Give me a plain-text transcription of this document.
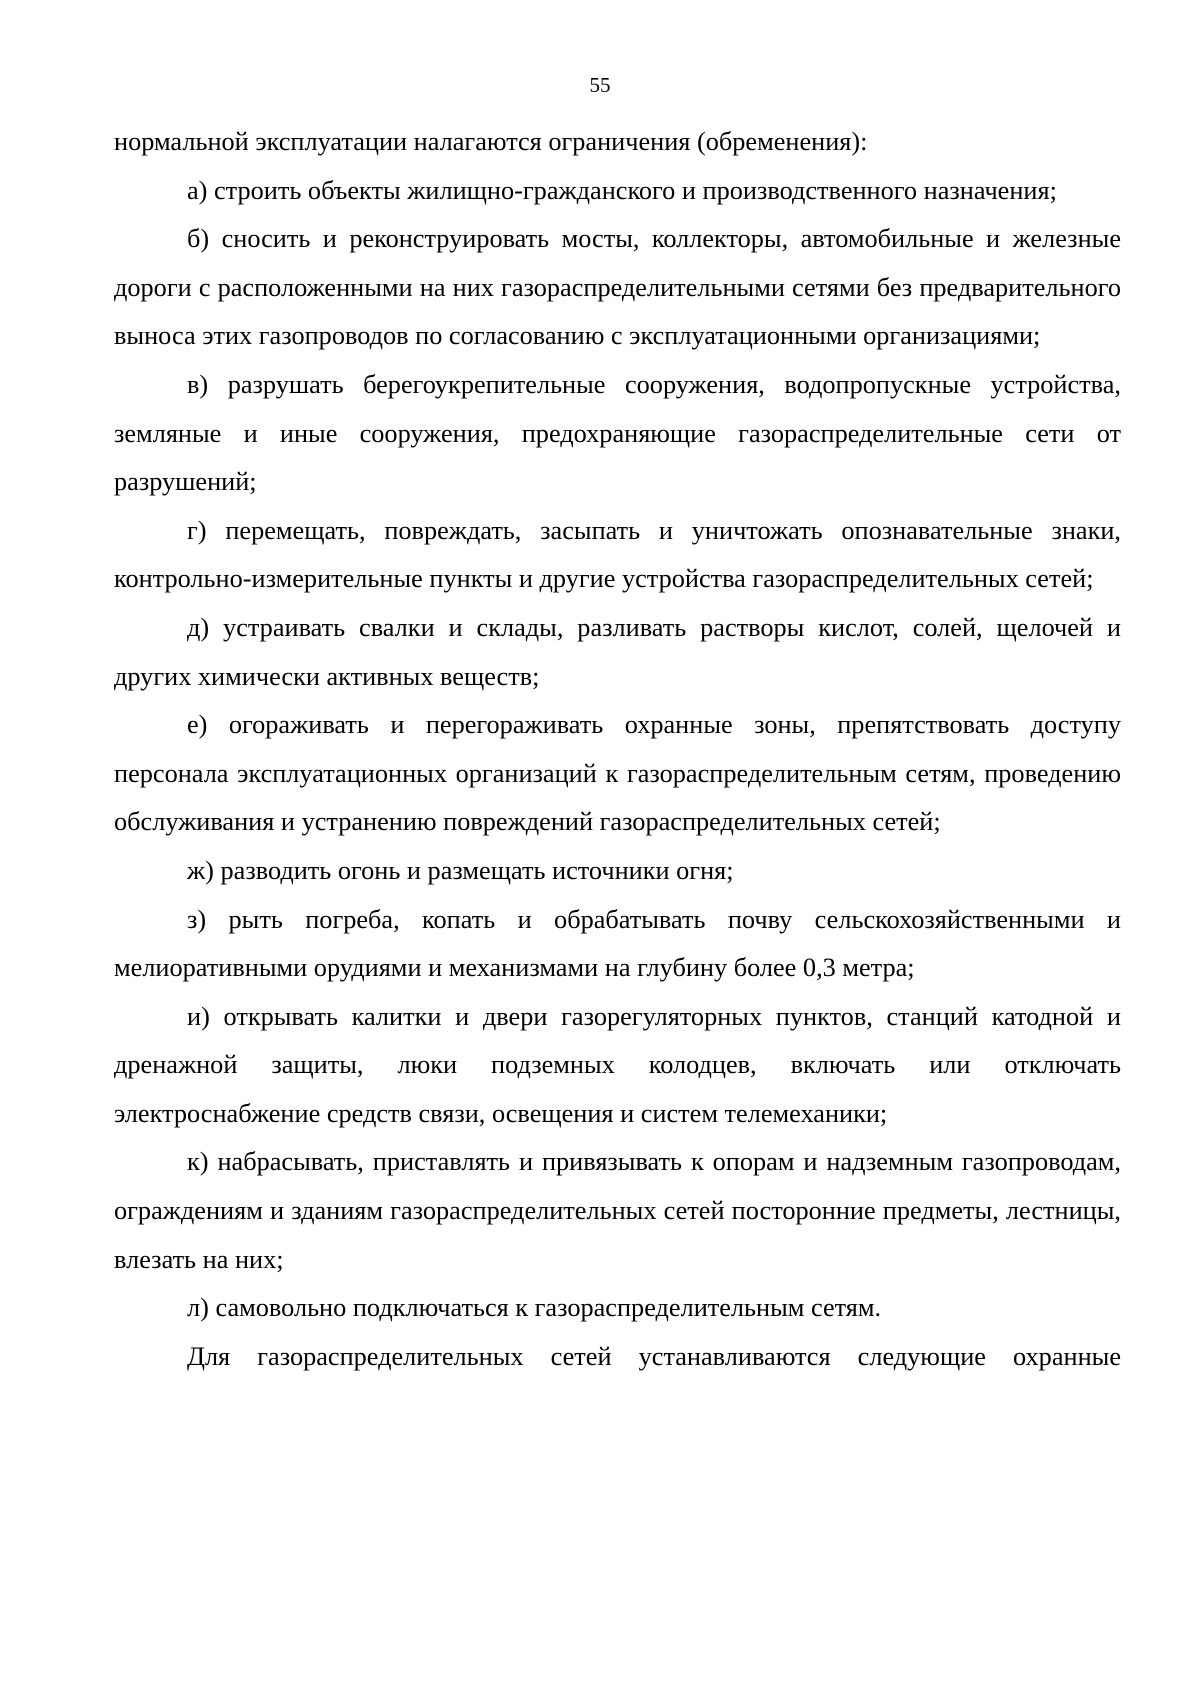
55

нормальной эксплуатации налагаются ограничения (обременения):

а) строить объекты жилищно-гражданского и производственного назначения;

б) сносить и реконструировать мосты, коллекторы, автомобильные и железные дороги с расположенными на них газораспределительными сетями без предварительного выноса этих газопроводов по согласованию с эксплуатационными организациями;

в) разрушать берегоукрепительные сооружения, водопропускные устройства, земляные и иные сооружения, предохраняющие газораспределительные сети от разрушений;

г) перемещать, повреждать, засыпать и уничтожать опознавательные знаки, контрольно-измерительные пункты и другие устройства газораспределительных сетей;

д) устраивать свалки и склады, разливать растворы кислот, солей, щелочей и других химически активных веществ;

е) огораживать и перегораживать охранные зоны, препятствовать доступу персонала эксплуатационных организаций к газораспределительным сетям, проведению обслуживания и устранению повреждений газораспределительных сетей;

ж) разводить огонь и размещать источники огня;

з) рыть погреба, копать и обрабатывать почву сельскохозяйственными и мелиоративными орудиями и механизмами на глубину более 0,3 метра;

и) открывать калитки и двери газорегуляторных пунктов, станций катодной и дренажной защиты, люки подземных колодцев, включать или отключать электроснабжение средств связи, освещения и систем телемеханики;

к) набрасывать, приставлять и привязывать к опорам и надземным газопроводам, ограждениям и зданиям газораспределительных сетей посторонние предметы, лестницы, влезать на них;

л) самовольно подключаться к газораспределительным сетям.

Для газораспределительных сетей устанавливаются следующие охранные
